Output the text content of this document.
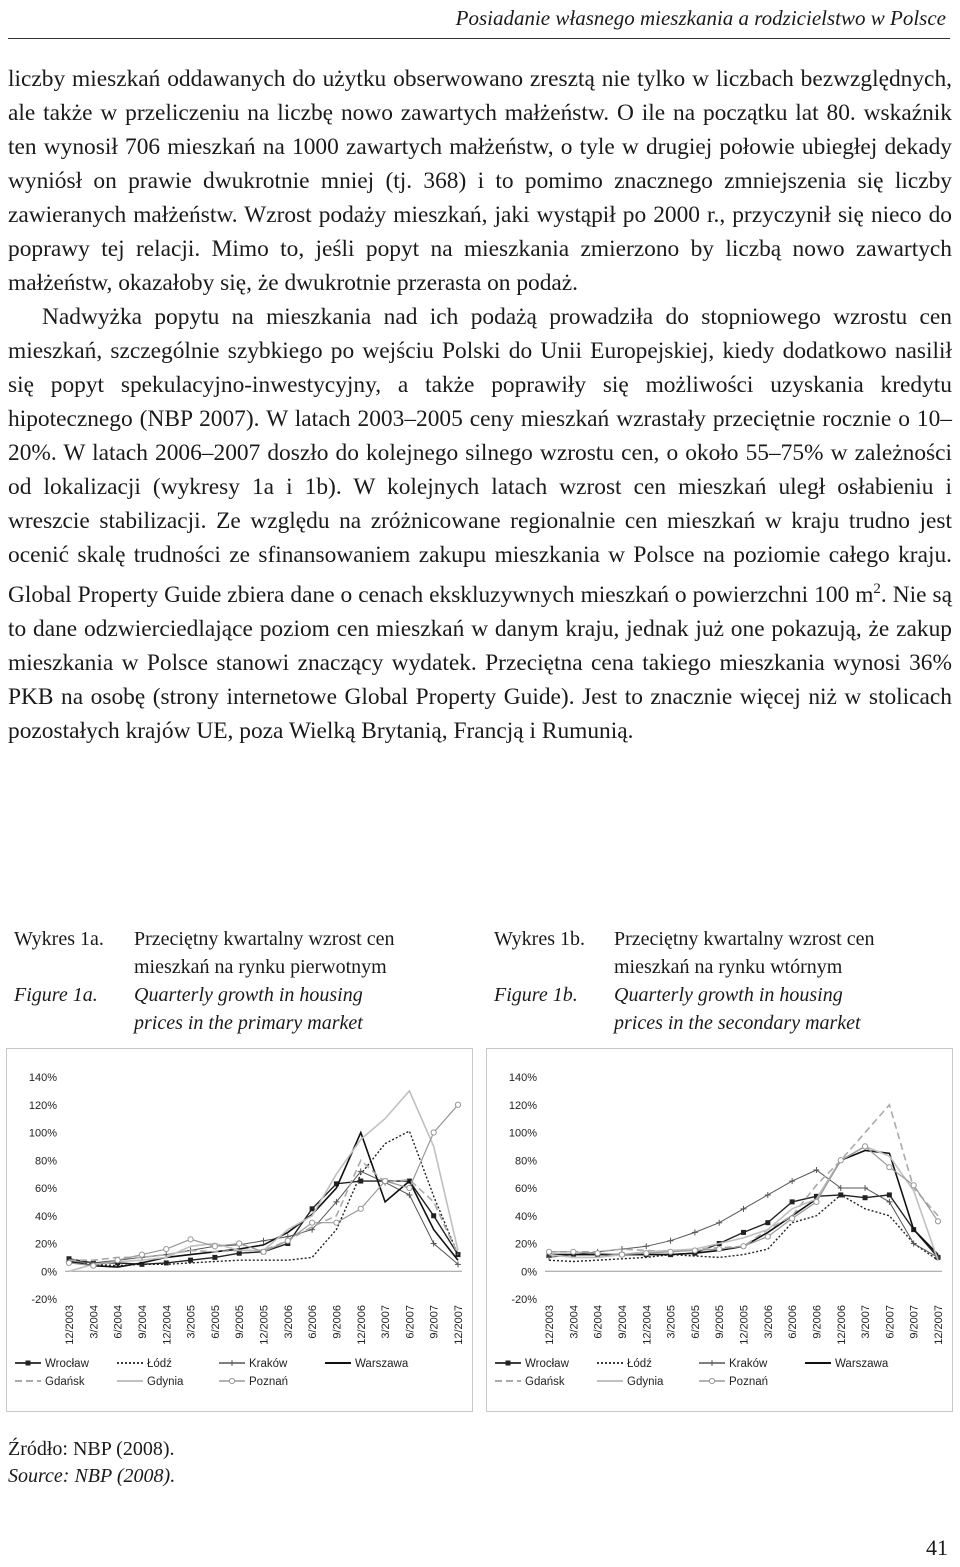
Posiadanie własnego mieszkania a rodzicielstwo w Polsce

liczby mieszkań oddawanych do użytku obserwowano zresztą nie tylko w liczbach bezwzględnych, ale także w przeliczeniu na liczbę nowo zawartych małżeństw. O ile na początku lat 80. wskaźnik ten wynosił 706 mieszkań na 1000 zawartych małżeństw, o tyle w drugiej połowie ubiegłej dekady wyniósł on prawie dwukrotnie mniej (tj. 368) i to pomimo znacznego zmniejszenia się liczby zawieranych małżeństw. Wzrost podaży mieszkań, jaki wystąpił po 2000 r., przyczynił się nieco do poprawy tej relacji. Mimo to, jeśli popyt na mieszkania zmierzono by liczbą nowo zawartych małżeństw, okazałoby się, że dwukrotnie przerasta on podaż.

Nadwyżka popytu na mieszkania nad ich podażą prowadziła do stopniowego wzrostu cen mieszkań, szczególnie szybkiego po wejściu Polski do Unii Europejskiej, kiedy dodatkowo nasilił się popyt spekulacyjno-inwestycyjny, a także poprawiły się możliwości uzyskania kredytu hipotecznego (NBP 2007). W latach 2003–2005 ceny mieszkań wzrastały przeciętnie rocznie o 10–20%. W latach 2006–2007 doszło do kolejnego silnego wzrostu cen, o około 55–75% w zależności od lokalizacji (wykresy 1a i 1b). W kolejnych latach wzrost cen mieszkań uległ osłabieniu i wreszcie stabilizacji. Ze względu na zróżnicowane regionalnie cen mieszkań w kraju trudno jest ocenić skalę trudności ze sfinansowaniem zakupu mieszkania w Polsce na poziomie całego kraju. Global Property Guide zbiera dane o cenach ekskluzywnych mieszkań o powierzchni 100 $m^2$. Nie są to dane odzwierciedlające poziom cen mieszkań w danym kraju, jednak już one pokazują, że zakup mieszkania w Polsce stanowi znaczący wydatek. Przeciętna cena takiego mieszkania wynosi 36% PKB na osobę (strony internetowe Global Property Guide). Jest to znacznie więcej niż w stolicach pozostałych krajów UE, poza Wielką Brytanią, Francją i Rumunią.

Wykres 1a.	Przeciętny kwartalny wzrost cen
mieszkań na rynku pierwotnym
Figure 1a.	Quarterly growth in housing
prices in the primary market
Wykres 1b.	Przeciętny kwartalny wzrost cen
mieszkań na rynku wtórnym
Figure 1b.	Quarterly growth in housing
prices in the secondary market
-20%
0%
20%
40%
60%
80%
100%
120%
140%
12/2003 3/2004 6/2004 9/2004 12/2004 3/2005 6/2005 9/2005 12/2005 3/2006 6/2006 9/2006 12/2006 3/2007 6/2007 9/2007 12/2007
Wrocław	Łódź	Kraków	Warszawa
Gdańsk	Gdynia	Poznań
-20%
0%
20%
40%
60%
80%
100%
120%
140%
12/2003 3/2004 6/2004 9/2004 12/2004 3/2005 6/2005 9/2005 12/2005 3/2006 6/2006 9/2006 12/2006 3/2007 6/2007 9/2007 12/2007
Wrocław	Łódź	Kraków	Warszawa
Gdańsk	Gdynia	Poznań
Źródło: NBP (2008).
Source: NBP (2008).
41
